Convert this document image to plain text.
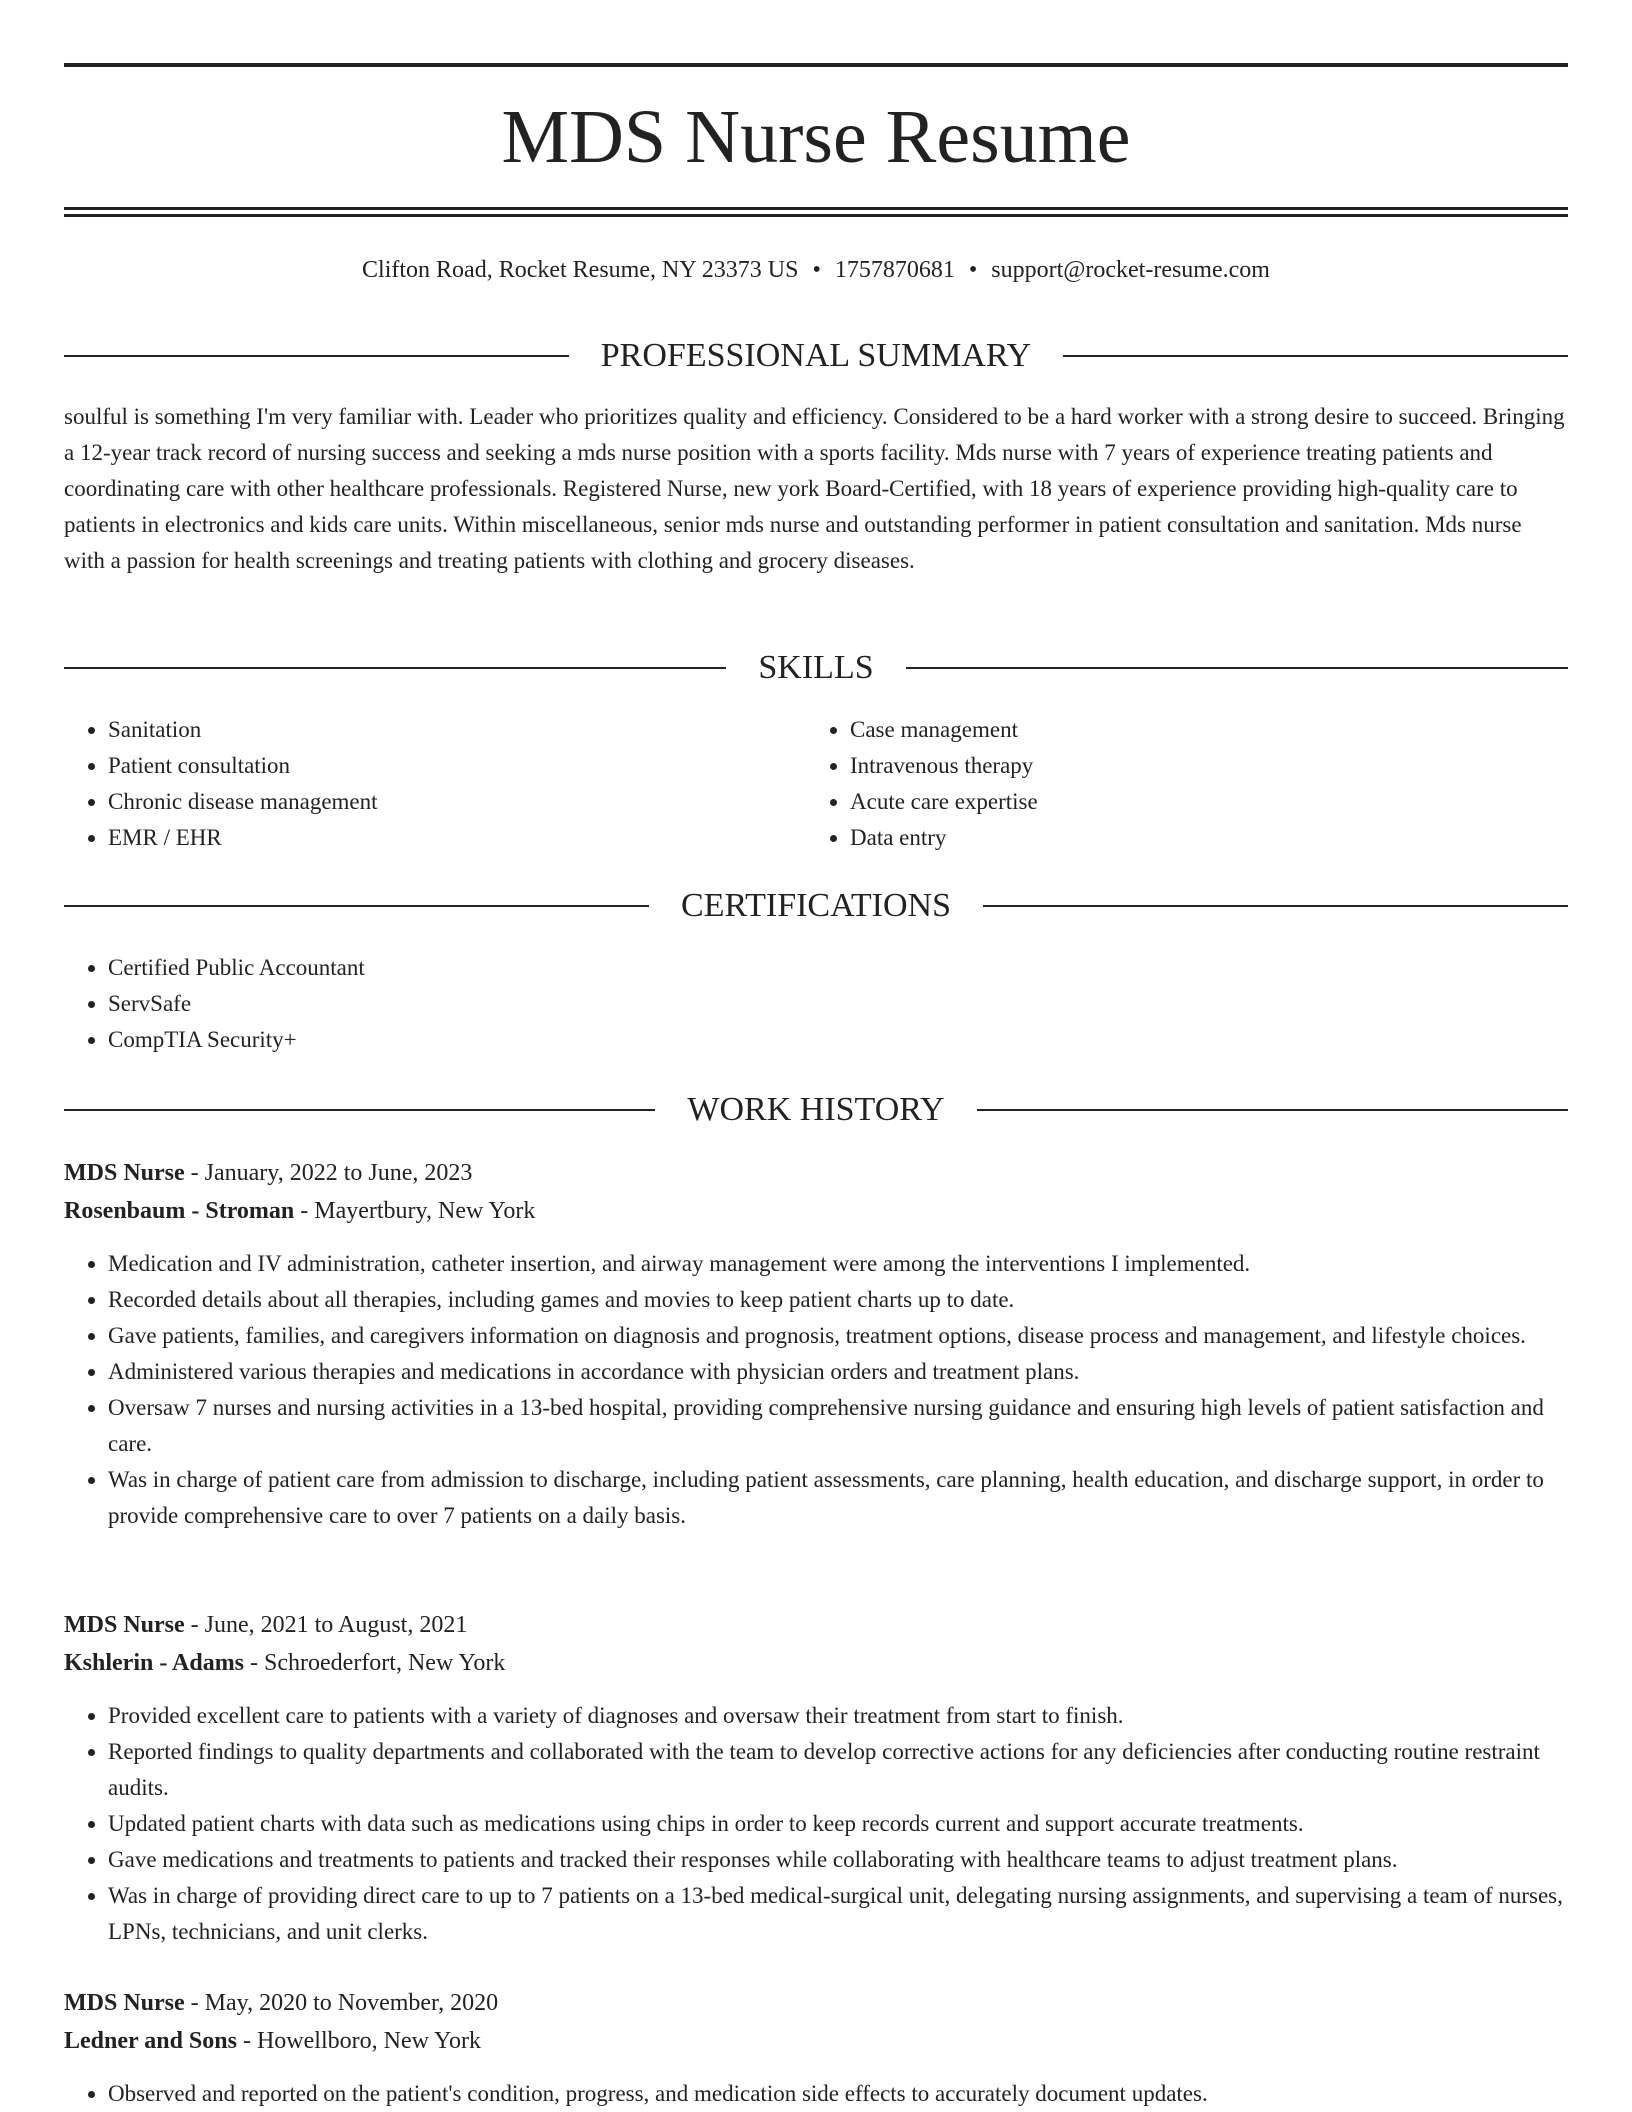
MDS Nurse Resume
Clifton Road, Rocket Resume, NY 23373 US • 1757870681 • support@rocket-resume.com
PROFESSIONAL SUMMARY

soulful is something I'm very familiar with. Leader who prioritizes quality and efficiency. Considered to be a hard worker with a strong desire to succeed. Bringing a 12-year track record of nursing success and seeking a mds nurse position with a sports facility. Mds nurse with 7 years of experience treating patients and coordinating care with other healthcare professionals. Registered Nurse, new york Board-Certified, with 18 years of experience providing high-quality care to patients in electronics and kids care units. Within miscellaneous, senior mds nurse and outstanding performer in patient consultation and sanitation. Mds nurse with a passion for health screenings and treating patients with clothing and grocery diseases.

SKILLS
• Sanitation
• Patient consultation
• Chronic disease management
• EMR / EHR
• Case management
• Intravenous therapy
• Acute care expertise
• Data entry
CERTIFICATIONS
• Certified Public Accountant
• ServSafe
• CompTIA Security+
WORK HISTORY
MDS Nurse - January, 2022 to June, 2023
Rosenbaum - Stroman - Mayertbury, New York
• Medication and IV administration, catheter insertion, and airway management were among the interventions I implemented.
• Recorded details about all therapies, including games and movies to keep patient charts up to date.
• Gave patients, families, and caregivers information on diagnosis and prognosis, treatment options, disease process and management, and lifestyle choices.
• Administered various therapies and medications in accordance with physician orders and treatment plans.
• Oversaw 7 nurses and nursing activities in a 13-bed hospital, providing comprehensive nursing guidance and ensuring high levels of patient satisfaction and care.
• Was in charge of patient care from admission to discharge, including patient assessments, care planning, health education, and discharge support, in order to provide comprehensive care to over 7 patients on a daily basis.
MDS Nurse - June, 2021 to August, 2021
Kshlerin - Adams - Schroederfort, New York
• Provided excellent care to patients with a variety of diagnoses and oversaw their treatment from start to finish.
• Reported findings to quality departments and collaborated with the team to develop corrective actions for any deficiencies after conducting routine restraint audits.
• Updated patient charts with data such as medications using chips in order to keep records current and support accurate treatments.
• Gave medications and treatments to patients and tracked their responses while collaborating with healthcare teams to adjust treatment plans.
• Was in charge of providing direct care to up to 7 patients on a 13-bed medical-surgical unit, delegating nursing assignments, and supervising a team of nurses, LPNs, technicians, and unit clerks.
MDS Nurse - May, 2020 to November, 2020
Ledner and Sons - Howellboro, New York
• Observed and reported on the patient's condition, progress, and medication side effects to accurately document updates.
